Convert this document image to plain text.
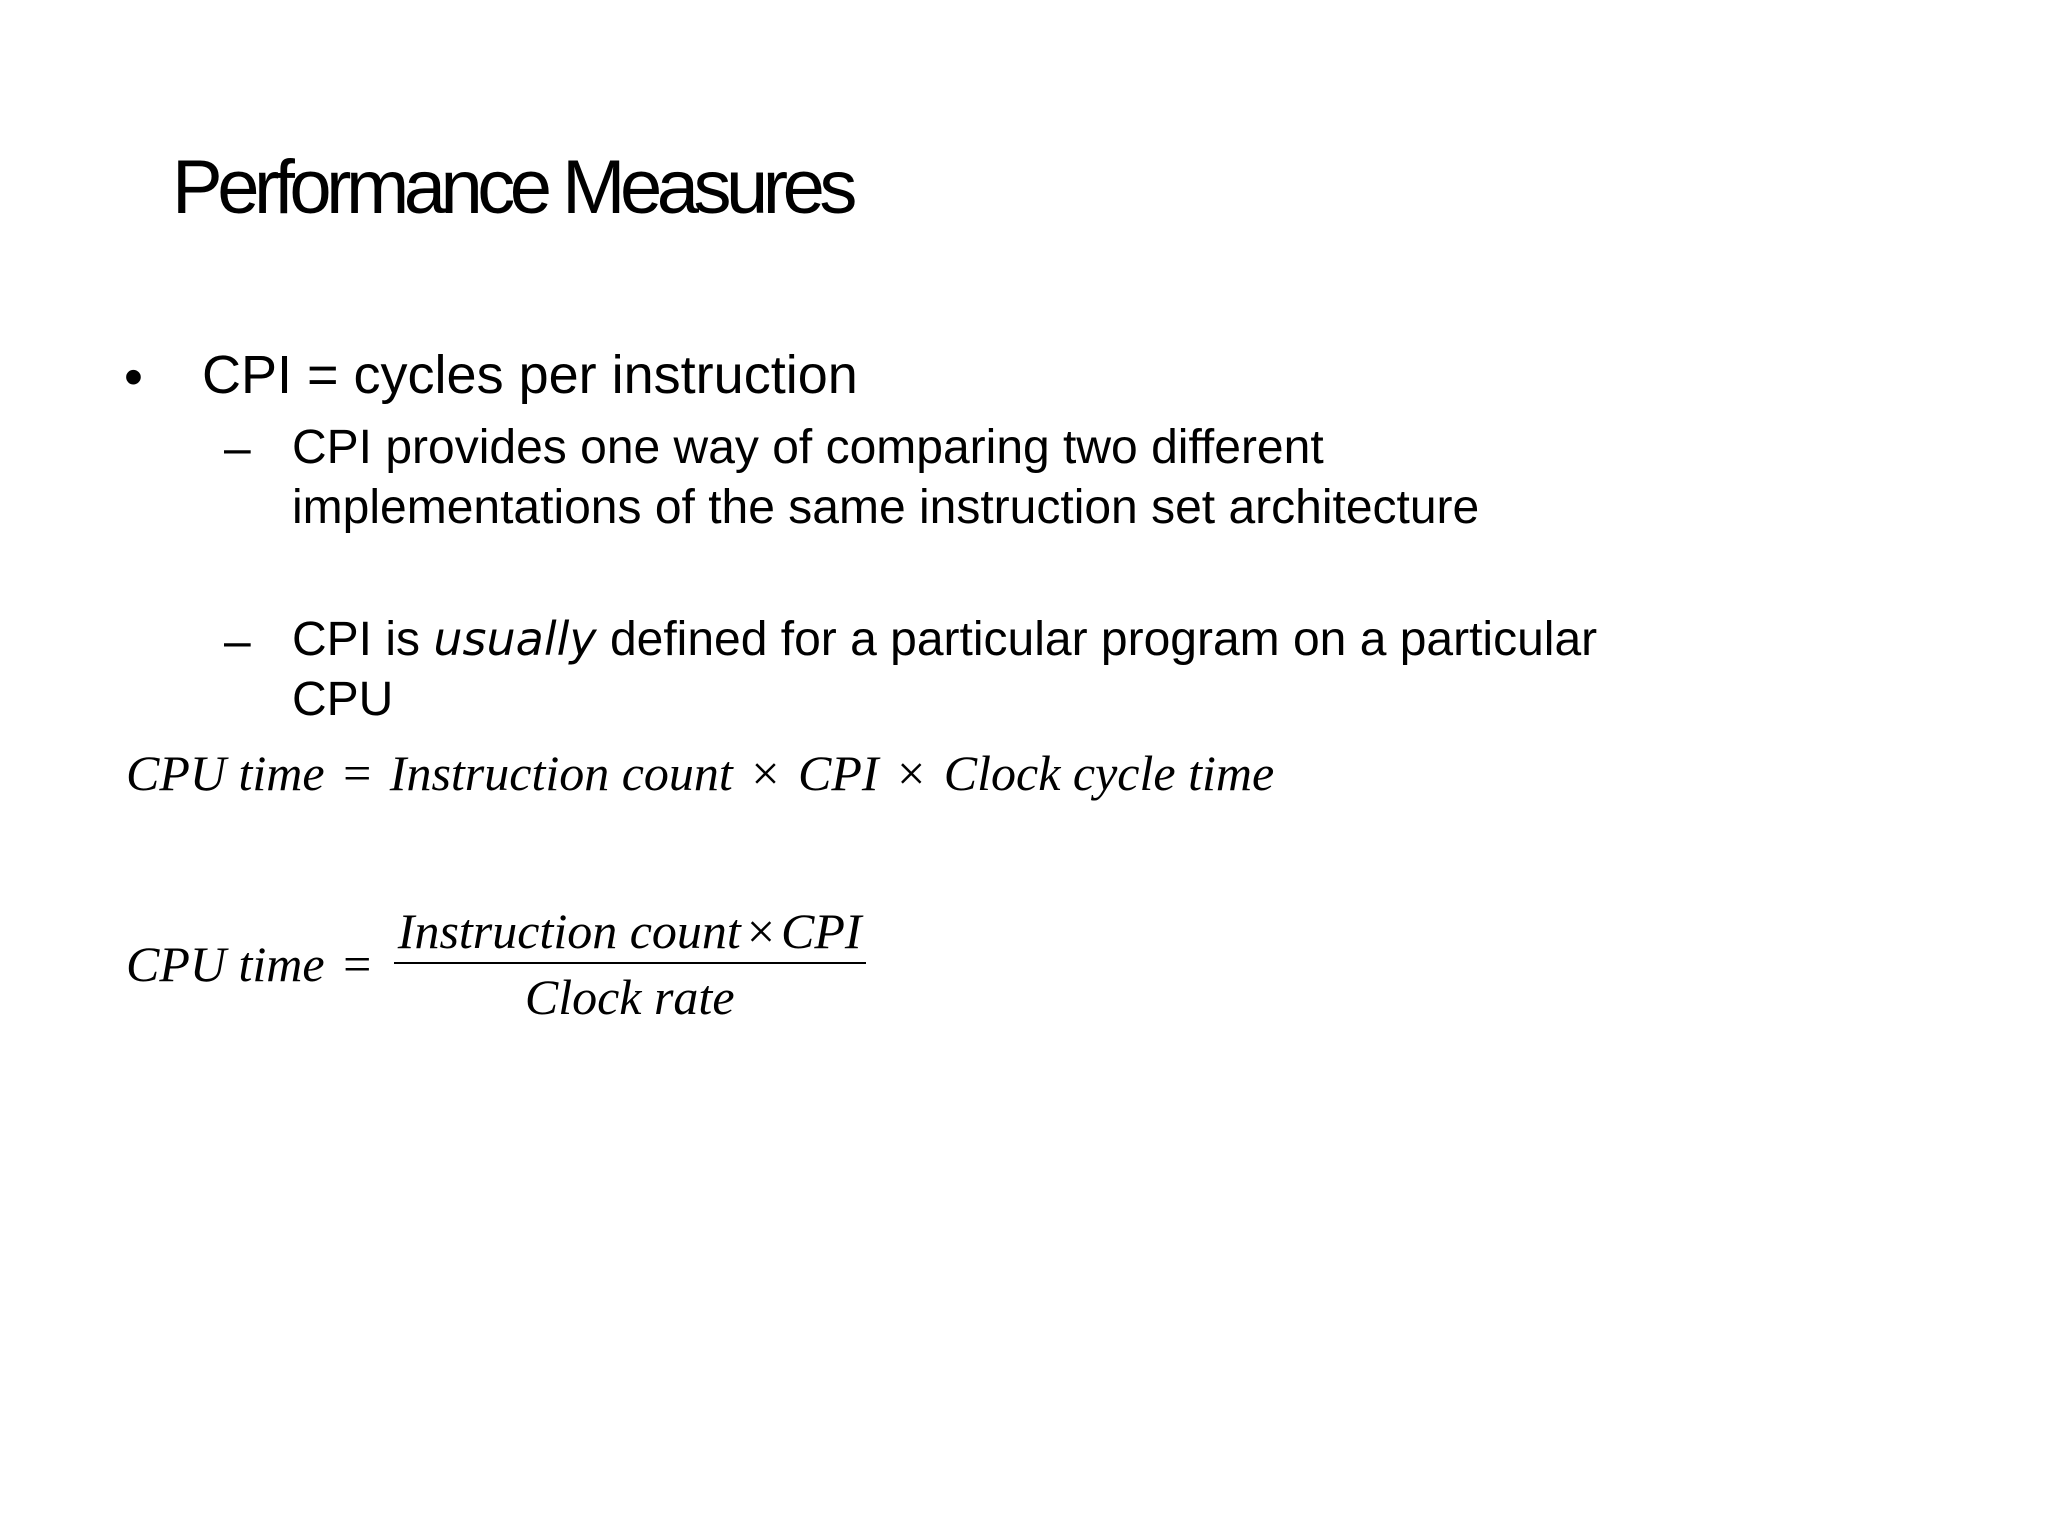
Performance Measures
• CPI = cycles per instruction
– CPI provides one way of comparing two different
implementations of the same instruction set architecture
– CPI is usually defined for a particular program on a particular
CPU
CPU time = Instruction count × CPI × Clock cycle time
CPU time = $\frac{\text{Instruction count × CPI}}{\text{Clock rate}}$
